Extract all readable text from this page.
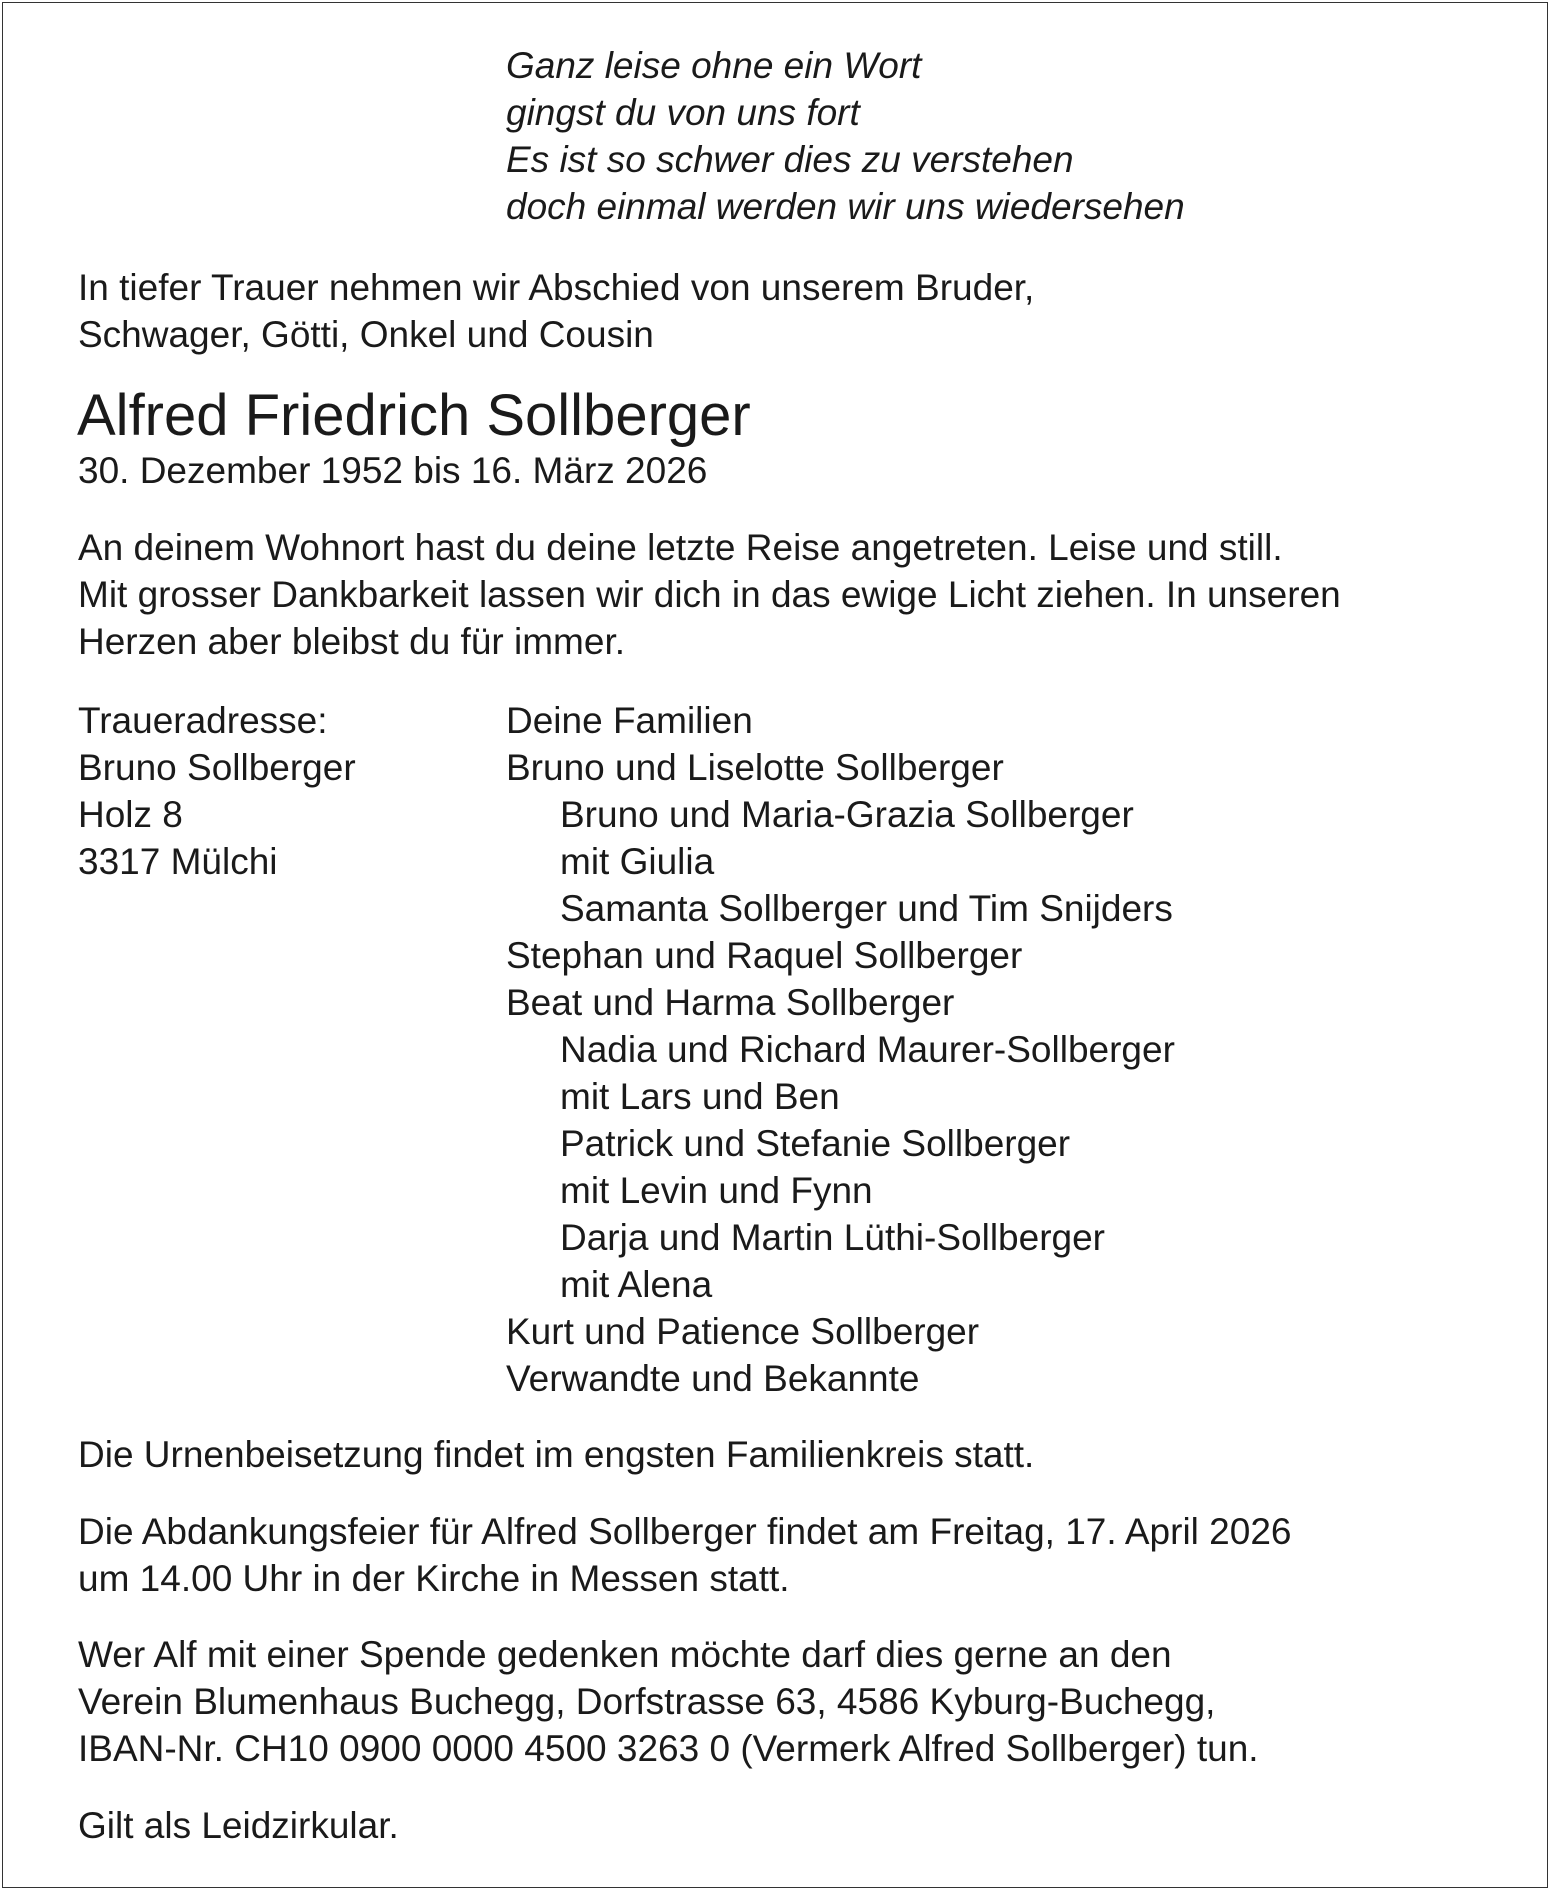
Ganz leise ohne ein Wort
gingst du von uns fort
Es ist so schwer dies zu verstehen
doch einmal werden wir uns wiedersehen
In tiefer Trauer nehmen wir Abschied von unserem Bruder,
Schwager, Götti, Onkel und Cousin
Alfred Friedrich Sollberger
30. Dezember 1952 bis 16. März 2026
An deinem Wohnort hast du deine letzte Reise angetreten. Leise und still.
Mit grosser Dankbarkeit lassen wir dich in das ewige Licht ziehen. In unseren
Herzen aber bleibst du für immer.
Traueradresse:
Bruno Sollberger
Holz 8
3317 Mülchi
Deine Familien
Bruno und Liselotte Sollberger
Bruno und Maria-Grazia Sollberger
mit Giulia
Samanta Sollberger und Tim Snijders
Stephan und Raquel Sollberger
Beat und Harma Sollberger
Nadia und Richard Maurer-Sollberger
mit Lars und Ben
Patrick und Stefanie Sollberger
mit Levin und Fynn
Darja und Martin Lüthi-Sollberger
mit Alena
Kurt und Patience Sollberger
Verwandte und Bekannte
Die Urnenbeisetzung findet im engsten Familienkreis statt.
Die Abdankungsfeier für Alfred Sollberger findet am Freitag, 17. April 2026
um 14.00 Uhr in der Kirche in Messen statt.
Wer Alf mit einer Spende gedenken möchte darf dies gerne an den
Verein Blumenhaus Buchegg, Dorfstrasse 63, 4586 Kyburg-Buchegg,
IBAN-Nr. CH10 0900 0000 4500 3263 0 (Vermerk Alfred Sollberger) tun.
Gilt als Leidzirkular.
